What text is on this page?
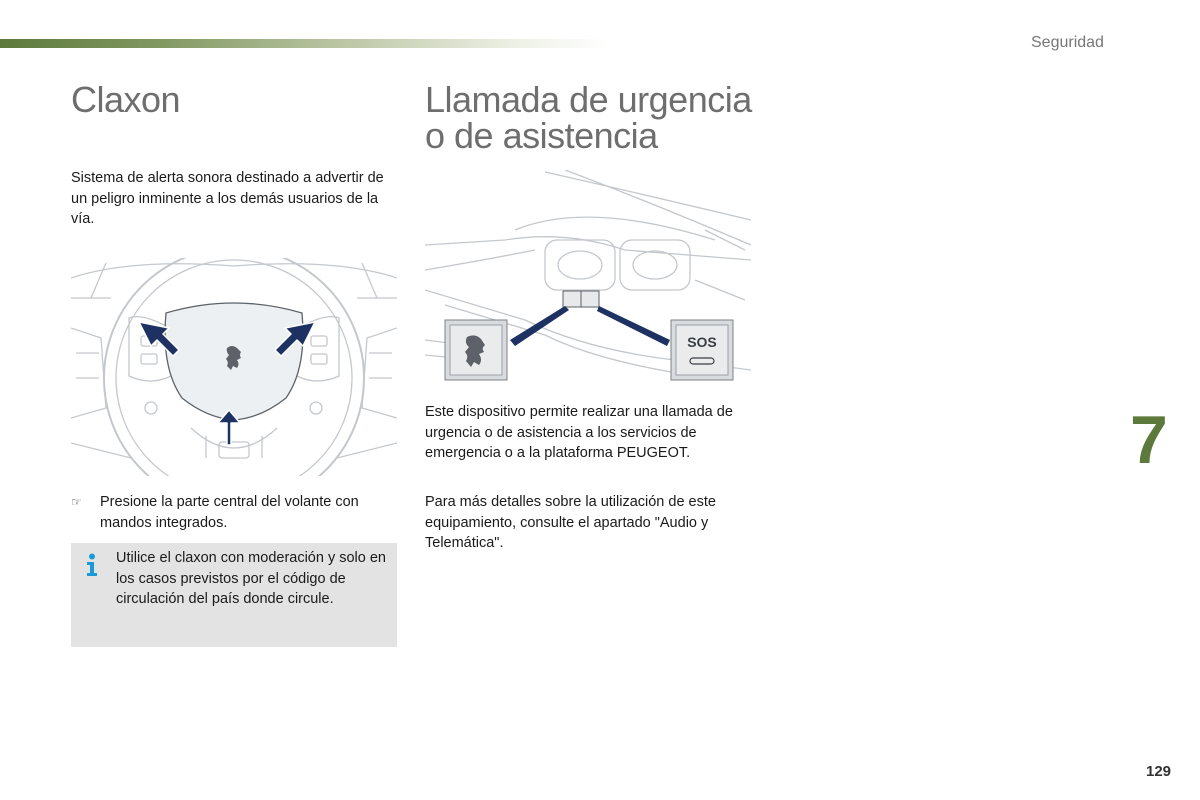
Seguridad
Claxon

Sistema de alerta sonora destinado a advertir de un peligro inminente a los demás usuarios de la vía.

☞ Presione la parte central del volante con mandos integrados.
Utilice el claxon con moderación y solo en los casos previstos por el código de circulación del país donde circule.
Llamada de urgencia
o de asistencia
SOS

Este dispositivo permite realizar una llamada de urgencia o de asistencia a los servicios de emergencia o a la plataforma PEUGEOT.

Para más detalles sobre la utilización de este equipamiento, consulte el apartado "Audio y Telemática".

7
129
